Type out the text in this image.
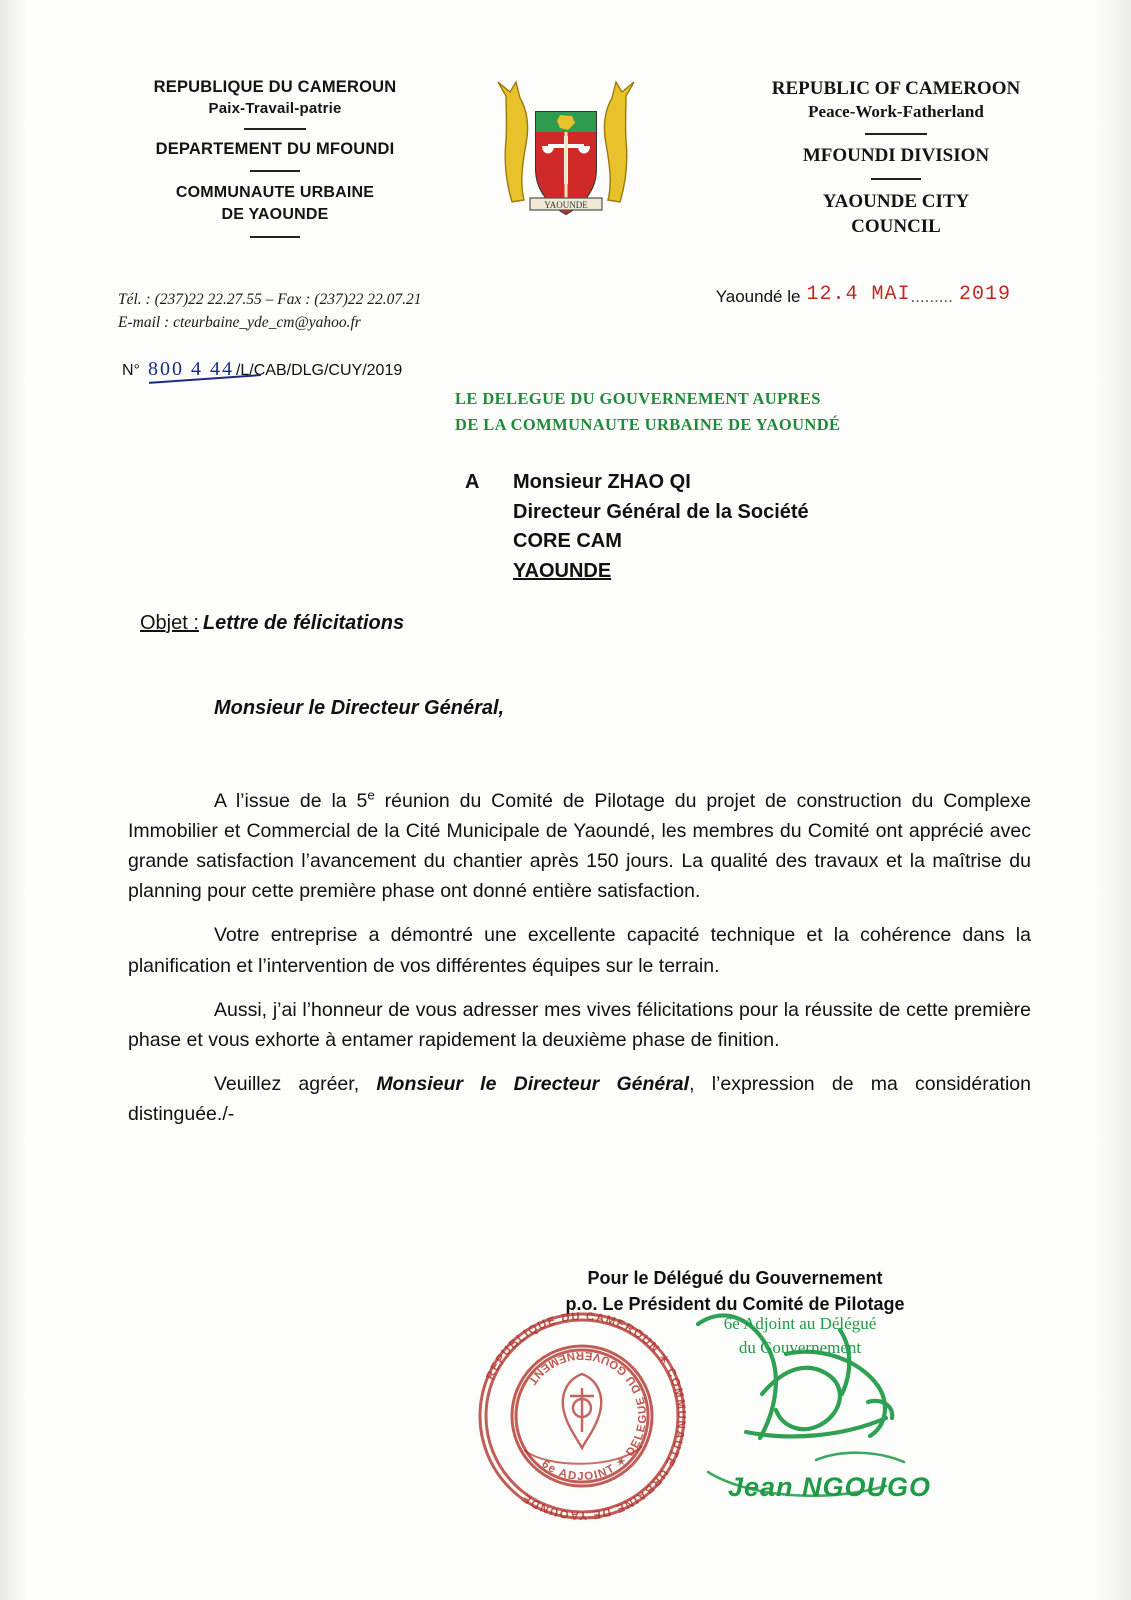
REPUBLIQUE DU CAMEROUN
Paix-Travail-patrie
DEPARTEMENT DU MFOUNDI
COMMUNAUTE URBAINE
DE YAOUNDE
YAOUNDE
REPUBLIC OF CAMEROON
Peace-Work-Fatherland
MFOUNDI DIVISION
YAOUNDE CITY
COUNCIL
Tél. : (237)22 22.27.55 – Fax : (237)22 22.07.21
E-mail : cteurbaine_yde_cm@yahoo.fr
Yaoundé le 12.4 MAI......... 2019
N° 800 4 44 /L/CAB/DLG/CUY/2019
LE DELEGUE DU GOUVERNEMENT AUPRES
DE LA COMMUNAUTE URBAINE DE YAOUNDÉ
A Monsieur ZHAO QI
Directeur Général de la Société
CORE CAM
YAOUNDE
Objet : Lettre de félicitations
Monsieur le Directeur Général,

A l’issue de la 5e réunion du Comité de Pilotage du projet de construction du Complexe Immobilier et Commercial de la Cité Municipale de Yaoundé, les membres du Comité ont apprécié avec grande satisfaction l’avancement du chantier après 150 jours. La qualité des travaux et la maîtrise du planning pour cette première phase ont donné entière satisfaction.

Votre entreprise a démontré une excellente capacité technique et la cohérence dans la planification et l’intervention de vos différentes équipes sur le terrain.

Aussi, j’ai l’honneur de vous adresser mes vives félicitations pour la réussite de cette première phase et vous exhorte à entamer rapidement la deuxième phase de finition.

Veuillez agréer, Monsieur le Directeur Général, l’expression de ma considération distinguée./-

Pour le Délégué du Gouvernement
p.o. Le Président du Comité de Pilotage
6e Adjoint au Délégué
du Gouvernement
Jean NGOUGO
REPUBLIQUE DU CAMEROUN ✶ COMMUNAUTE URBAINE DE YAOUNDE
6e ADJOINT ✶ DELEGUE DU GOUVERNEMENT
